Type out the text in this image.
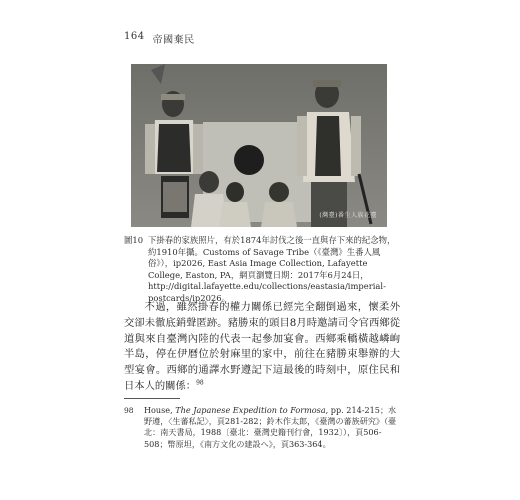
164 帝國棄民
(灣臺)番生人族花臺
圖10 下掛春的家族照片，有於1874年討伐之後一直與存下來的紀念物，約1910年攝。Customs of Savage Tribe（《臺灣》生番人風俗》），ip2026, East Asia Image Collection, Lafayette College, Easton, PA，網頁瀏覽日期：2017年6月24日，http://digital.lafayette.edu/collections/eastasia/imperial-postcards/ip2026。
不過，雖然掛春的權力關係已經完全翻倒過來，懷柔外交卻未徹底銷聲匿跡。豬勝束的頭目8月時邀請司令官西鄉從道與來自臺灣內陸的代表一起參加宴會。西鄉乘轎橫越嶙峋半島，停在伊曆位於射麻里的家中，前往在豬勝束舉辦的大型宴會。西鄉的通譯水野遵記下這最後的時刻中，原住民和日本人的關係：$^{98}$
98	House, The Japanese Expedition to Formosa, pp. 214-215；水野遵，〈生蕃私記〉，頁281-282；鈴木作太郎，《臺灣の蕃族研究》（臺北：南天書局，1988〔臺北：臺灣史籍刊行會，1932〕），頁506-508；幣原坦，《南方文化の建設へ》，頁363-364。
